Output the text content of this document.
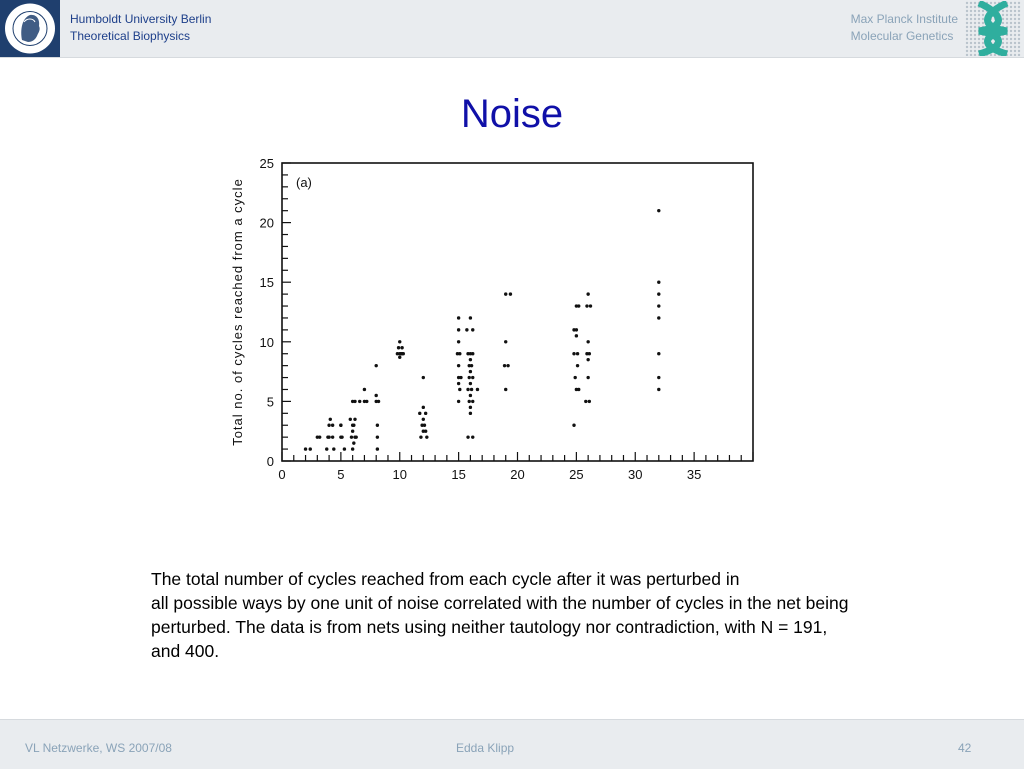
Humboldt University Berlin
Theoretical Biophysics
Max Planck Institute
Molecular Genetics
Noise
0	5	10	15	20	25	30	35
0
5
10
15
20
25
Total no. of cycles reached from a cycle	(a)
The total number of cycles reached from each cycle after it was perturbed in
all possible ways by one unit of noise correlated with the number of cycles in the net being
perturbed. The data is from nets using neither tautology nor contradiction, with N = 191,
and 400.
VL Netzwerke, WS 2007/08	Edda Klipp	42
